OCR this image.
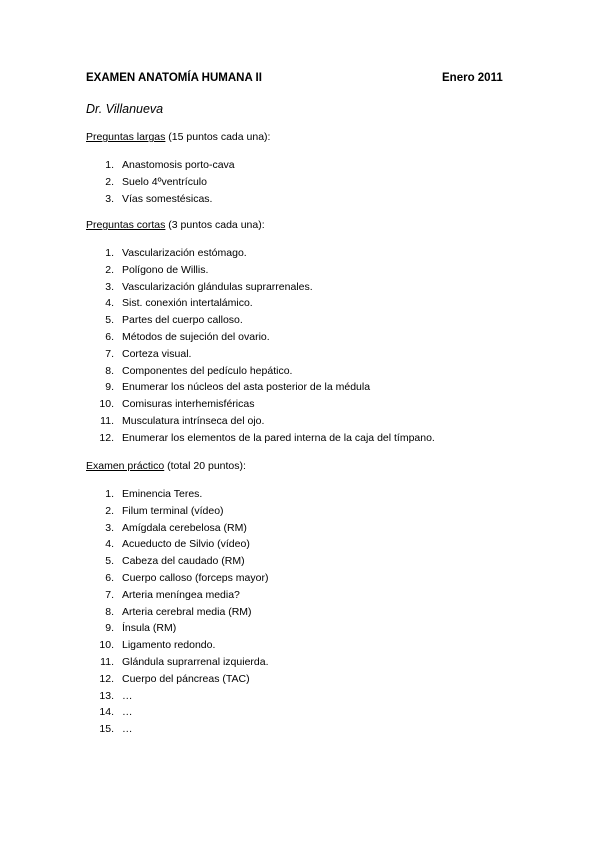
EXAMEN ANATOMÍA HUMANA II	Enero 2011
Dr. Villanueva
Preguntas largas (15 puntos cada una):
1. Anastomosis porto-cava
2. Suelo 4ºventrículo
3. Vías somestésicas.
Preguntas cortas (3 puntos cada una):
1. Vascularización estómago.
2. Polígono de Willis.
3. Vascularización glándulas suprarrenales.
4. Sist. conexión intertalámico.
5. Partes del cuerpo calloso.
6. Métodos de sujeción del ovario.
7. Corteza visual.
8. Componentes del pedículo hepático.
9. Enumerar los núcleos del asta posterior de la médula
10. Comisuras interhemisféricas
11. Musculatura intrínseca del ojo.
12. Enumerar los elementos de la pared interna de la caja del tímpano.
Examen práctico (total 20 puntos):
1. Eminencia Teres.
2. Filum terminal (vídeo)
3. Amígdala cerebelosa (RM)
4. Acueducto de Silvio (vídeo)
5. Cabeza del caudado (RM)
6. Cuerpo calloso (forceps mayor)
7. Arteria meníngea media?
8. Arteria cerebral media (RM)
9. Ínsula (RM)
10. Ligamento redondo.
11. Glándula suprarrenal izquierda.
12. Cuerpo del páncreas (TAC)
13. …
14. …
15. …
